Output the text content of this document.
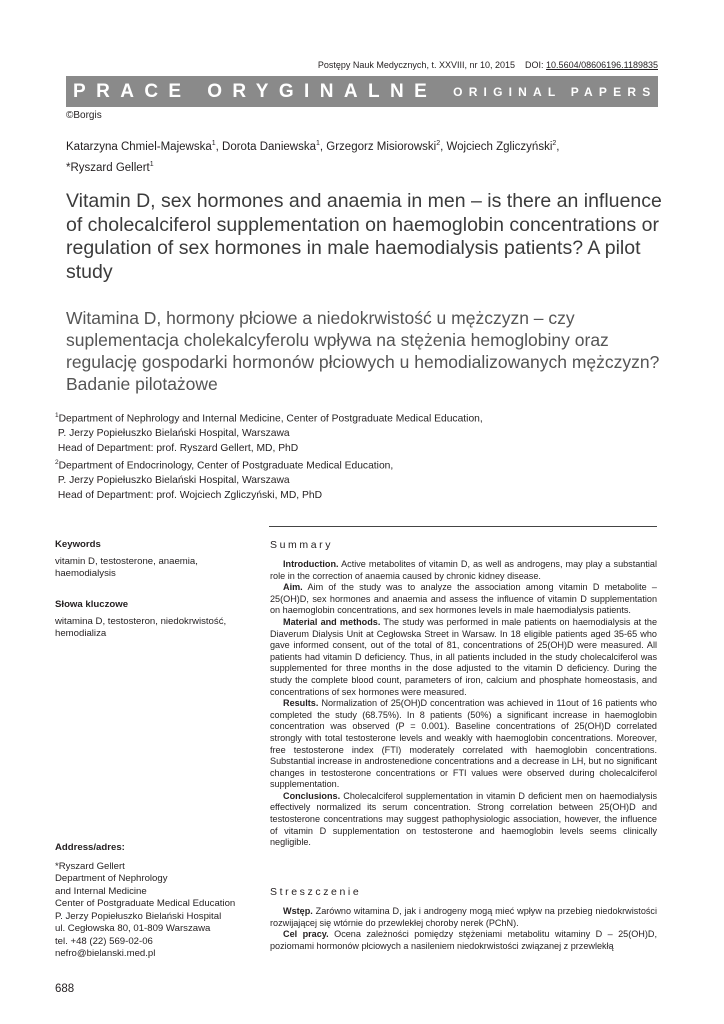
Postępy Nauk Medycznych, t. XXVIII, nr 10, 2015 DOI: 10.5604/08606196.1189835
PRACE ORYGINALNE ORIGINAL PAPERS
©Borgis
Katarzyna Chmiel-Majewska$^1$, Dorota Daniewska$^1$, Grzegorz Misiorowski$^2$, Wojciech Zgliczyński$^2$,
*Ryszard Gellert$^1$
Vitamin D, sex hormones and anaemia in men – is there an influence of cholecalciferol supplementation on haemoglobin concentrations or regulation of sex hormones in male haemodialysis patients? A pilot study
Witamina D, hormony płciowe a niedokrwistość u mężczyzn – czy suplementacja cholekalcyferolu wpływa na stężenia hemoglobiny oraz regulację gospodarki hormonów płciowych u hemodializowanych mężczyzn? Badanie pilotażowe
$^1$Department of Nephrology and Internal Medicine, Center of Postgraduate Medical Education,
P. Jerzy Popiełuszko Bielański Hospital, Warszawa
Head of Department: prof. Ryszard Gellert, MD, PhD
$^2$Department of Endocrinology, Center of Postgraduate Medical Education,
P. Jerzy Popiełuszko Bielański Hospital, Warszawa
Head of Department: prof. Wojciech Zgliczyński, MD, PhD
Keywords
vitamin D, testosterone, anaemia, haemodialysis
Słowa kluczowe
witamina D, testosteron, niedokrwistość, hemodializa
Address/adres:
*Ryszard Gellert
Department of Nephrology
and Internal Medicine
Center of Postgraduate Medical Education
P. Jerzy Popiełuszko Bielański Hospital
ul. Cegłowska 80, 01-809 Warszawa
tel. +48 (22) 569-02-06
nefro@bielanski.med.pl
Summary

Introduction. Active metabolites of vitamin D, as well as androgens, may play a substantial role in the correction of anaemia caused by chronic kidney disease.

Aim. Aim of the study was to analyze the association among vitamin D metabolite – 25(OH)D, sex hormones and anaemia and assess the influence of vitamin D supplementation on haemoglobin concentrations, and sex hormones levels in male haemodialysis patients.

Material and methods. The study was performed in male patients on haemodialysis at the Diaverum Dialysis Unit at Cegłowska Street in Warsaw. In 18 eligible patients aged 35-65 who gave informed consent, out of the total of 81, concentrations of 25(OH)D were measured. All patients had vitamin D deficiency. Thus, in all patients included in the study cholecalciferol was supplemented for three months in the dose adjusted to the vitamin D deficiency. During the study the complete blood count, parameters of iron, calcium and phosphate homeostasis, and concentrations of sex hormones were measured.

Results. Normalization of 25(OH)D concentration was achieved in 11out of 16 patients who completed the study (68.75%). In 8 patients (50%) a significant increase in haemoglobin concentration was observed (P = 0.001). Baseline concentrations of 25(OH)D correlated strongly with total testosterone levels and weakly with haemoglobin concentrations. Moreover, free testosterone index (FTI) moderately correlated with haemoglobin concentrations. Substantial increase in androstenedione concentrations and a decrease in LH, but no significant changes in testosterone concentrations or FTI values were observed during cholecalciferol supplementation.

Conclusions. Cholecalciferol supplementation in vitamin D deficient men on haemodialysis effectively normalized its serum concentration. Strong correlation between 25(OH)D and testosterone concentrations may suggest pathophysiologic association, however, the influence of vitamin D supplementation on testosterone and haemoglobin levels seems clinically negligible.

Streszczenie

Wstęp. Zarówno witamina D, jak i androgeny mogą mieć wpływ na przebieg niedokrwistości rozwijającej się wtórnie do przewlekłej choroby nerek (PChN).

Cel pracy. Ocena zależności pomiędzy stężeniami metabolitu witaminy D – 25(OH)D, poziomami hormonów płciowych a nasileniem niedokrwistości związanej z przewlekłą

688
